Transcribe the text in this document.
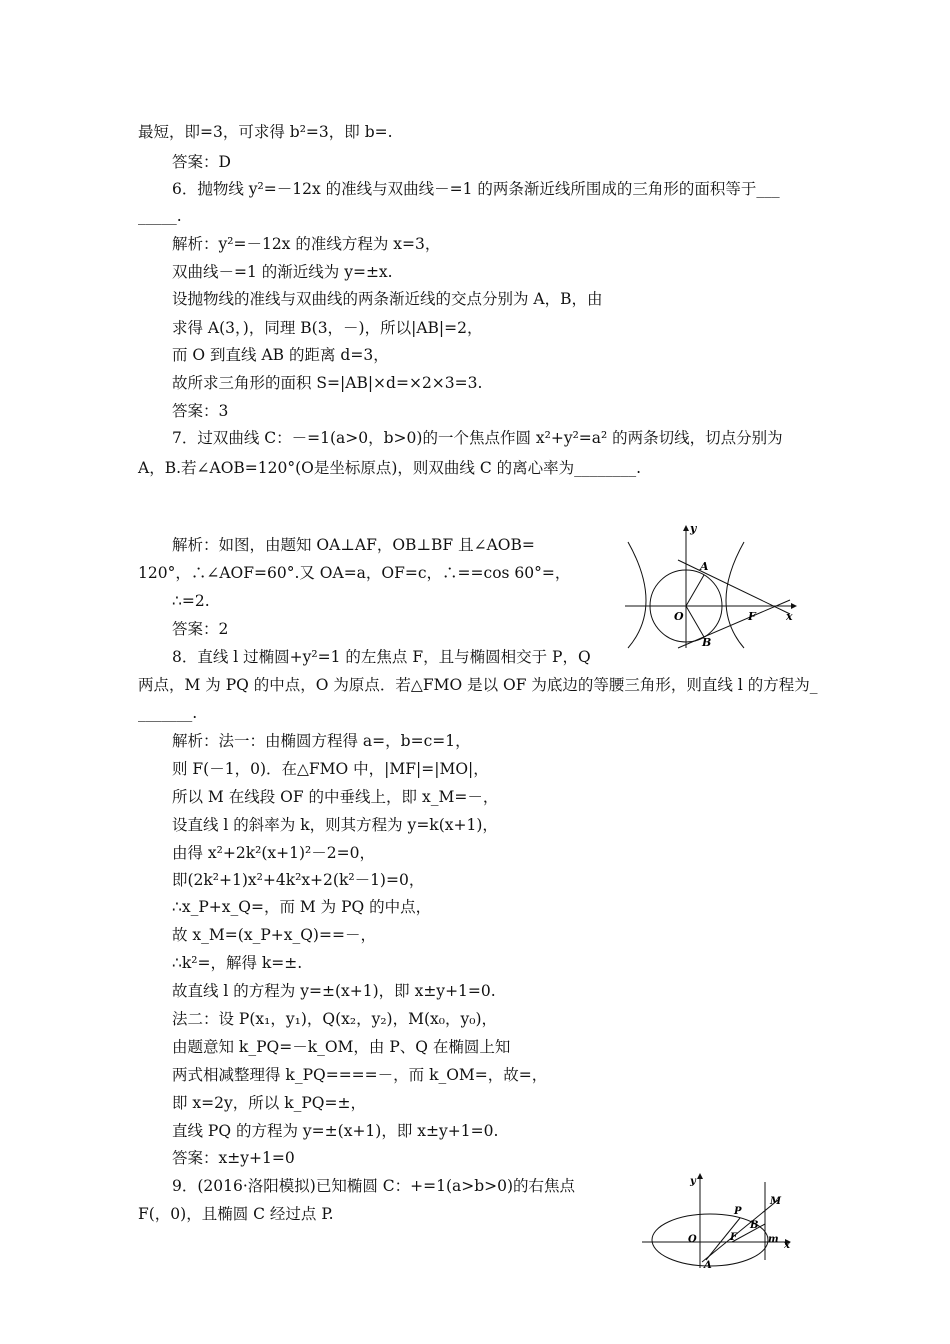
最短，即=3，可求得 b²=3，即 b=.
答案：D
6．抛物线 y²=－12x 的准线与双曲线－=1 的两条渐近线所围成的三角形的面积等于___
_____.
解析：y²=－12x 的准线方程为 x=3，
双曲线－=1 的渐近线为 y=±x.
设抛物线的准线与双曲线的两条渐近线的交点分别为 A，B，由
求得 A(3，)，同理 B(3，－)，所以|AB|=2，
而 O 到直线 AB 的距离 d=3，
故所求三角形的面积 S=|AB|×d=×2×3=3.
答案：3
7．过双曲线 C：－=1(a>0，b>0)的一个焦点作圆 x²+y²=a² 的两条切线，切点分别为
A，B.若∠AOB=120°(O是坐标原点)，则双曲线 C 的离心率为________.
解析：如图，由题知 OA⊥AF，OB⊥BF 且∠AOB=
120°，∴∠AOF=60°.又 OA=a，OF=c，∴==cos 60°=，
∴=2.
答案：2
8．直线 l 过椭圆+y²=1 的左焦点 F，且与椭圆相交于 P，Q
两点，M 为 PQ 的中点，O 为原点．若△FMO 是以 OF 为底边的等腰三角形，则直线 l 的方程为_
_______.
解析：法一：由椭圆方程得 a=，b=c=1，
则 F(－1，0)．在△FMO 中，|MF|=|MO|，
所以 M 在线段 OF 的中垂线上，即 x_M=－，
设直线 l 的斜率为 k，则其方程为 y=k(x+1)，
由得 x²+2k²(x+1)²－2=0，
即(2k²+1)x²+4k²x+2(k²－1)=0，
∴x_P+x_Q=，而 M 为 PQ 的中点，
故 x_M=(x_P+x_Q)==－，
∴k²=，解得 k=±.
故直线 l 的方程为 y=±(x+1)，即 x±y+1=0.
法二：设 P(x₁，y₁)，Q(x₂，y₂)，M(x₀，y₀)，
由题意知 k_PQ=－k_OM，由 P、Q 在椭圆上知
两式相减整理得 k_PQ====－，而 k_OM=，故=，
即 x=2y，所以 k_PQ=±，
直线 PQ 的方程为 y=±(x+1)，即 x±y+1=0.
答案：x±y+1=0
9．(2016·洛阳模拟)已知椭圆 C：+=1(a>b>0)的右焦点
F(，0)，且椭圆 C 经过点 P.
y
A
O	F	x
B
y
P
M
B
O	F	m
x
A
